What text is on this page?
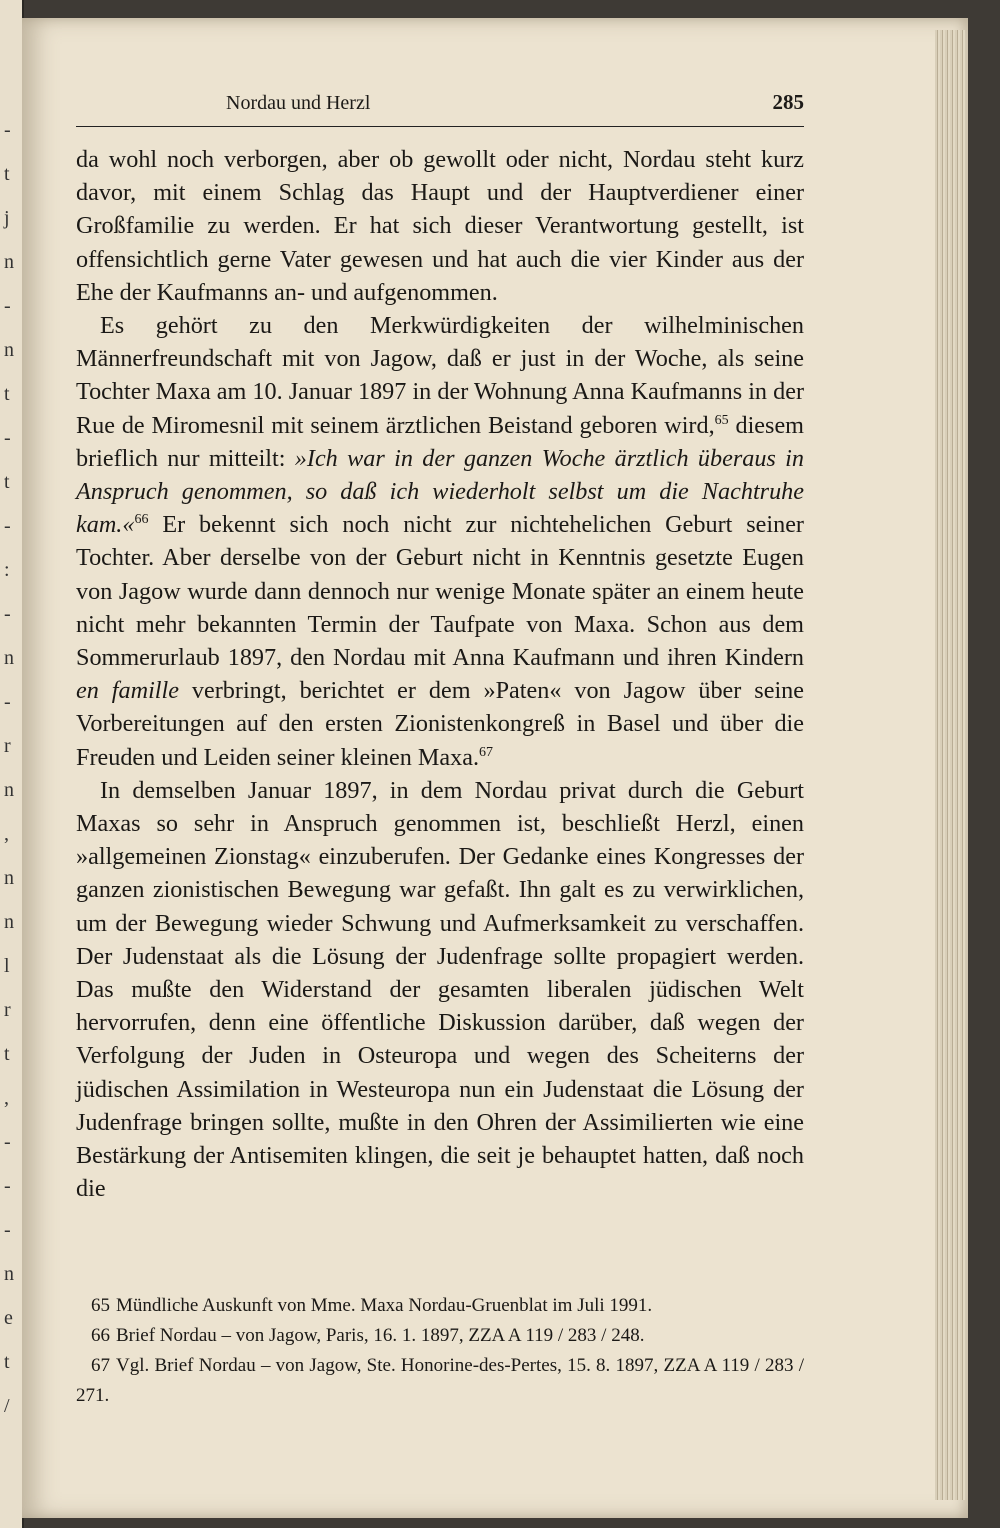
-
t
j
n
-
n
t
-
t
-
:
-
n
-
r
n
,
n
n
l
r
t
,
-
-
-
n
e
t
/
Nordau und Herzl	285

da wohl noch verborgen, aber ob gewollt oder nicht, Nordau steht kurz davor, mit einem Schlag das Haupt und der Hauptverdiener einer Großfamilie zu werden. Er hat sich dieser Verantwortung gestellt, ist offensichtlich gerne Vater gewesen und hat auch die vier Kinder aus der Ehe der Kaufmanns an- und aufgenommen.

Es gehört zu den Merkwürdigkeiten der wilhelminischen Männerfreundschaft mit von Jagow, daß er just in der Woche, als seine Tochter Maxa am 10. Januar 1897 in der Wohnung Anna Kaufmanns in der Rue de Miromesnil mit seinem ärztlichen Beistand geboren wird,$^{65}$ diesem brieflich nur mitteilt: »Ich war in der ganzen Woche ärztlich überaus in Anspruch genommen, so daß ich wiederholt selbst um die Nachtruhe kam.«$^{66}$ Er bekennt sich noch nicht zur nichtehelichen Geburt seiner Tochter. Aber derselbe von der Geburt nicht in Kenntnis gesetzte Eugen von Jagow wurde dann dennoch nur wenige Monate später an einem heute nicht mehr bekannten Termin der Taufpate von Maxa. Schon aus dem Sommerurlaub 1897, den Nordau mit Anna Kaufmann und ihren Kindern en famille verbringt, berichtet er dem »Paten« von Jagow über seine Vorbereitungen auf den ersten Zionistenkongreß in Basel und über die Freuden und Leiden seiner kleinen Maxa.$^{67}$

In demselben Januar 1897, in dem Nordau privat durch die Geburt Maxas so sehr in Anspruch genommen ist, beschließt Herzl, einen »allgemeinen Zionstag« einzuberufen. Der Gedanke eines Kongresses der ganzen zionistischen Bewegung war gefaßt. Ihn galt es zu verwirklichen, um der Bewegung wieder Schwung und Aufmerksamkeit zu verschaffen. Der Judenstaat als die Lösung der Judenfrage sollte propagiert werden. Das mußte den Widerstand der gesamten liberalen jüdischen Welt hervorrufen, denn eine öffentliche Diskussion darüber, daß wegen der Verfolgung der Juden in Osteuropa und wegen des Scheiterns der jüdischen Assimilation in Westeuropa nun ein Judenstaat die Lösung der Judenfrage bringen sollte, mußte in den Ohren der Assimilierten wie eine Bestärkung der Antisemiten klingen, die seit je behauptet hatten, daß noch die

65 Mündliche Auskunft von Mme. Maxa Nordau-Gruenblat im Juli 1991.

66 Brief Nordau – von Jagow, Paris, 16. 1. 1897, ZZA A 119 / 283 / 248.

67 Vgl. Brief Nordau – von Jagow, Ste. Honorine-des-Pertes, 15. 8. 1897, ZZA A 119 / 283 / 271.
